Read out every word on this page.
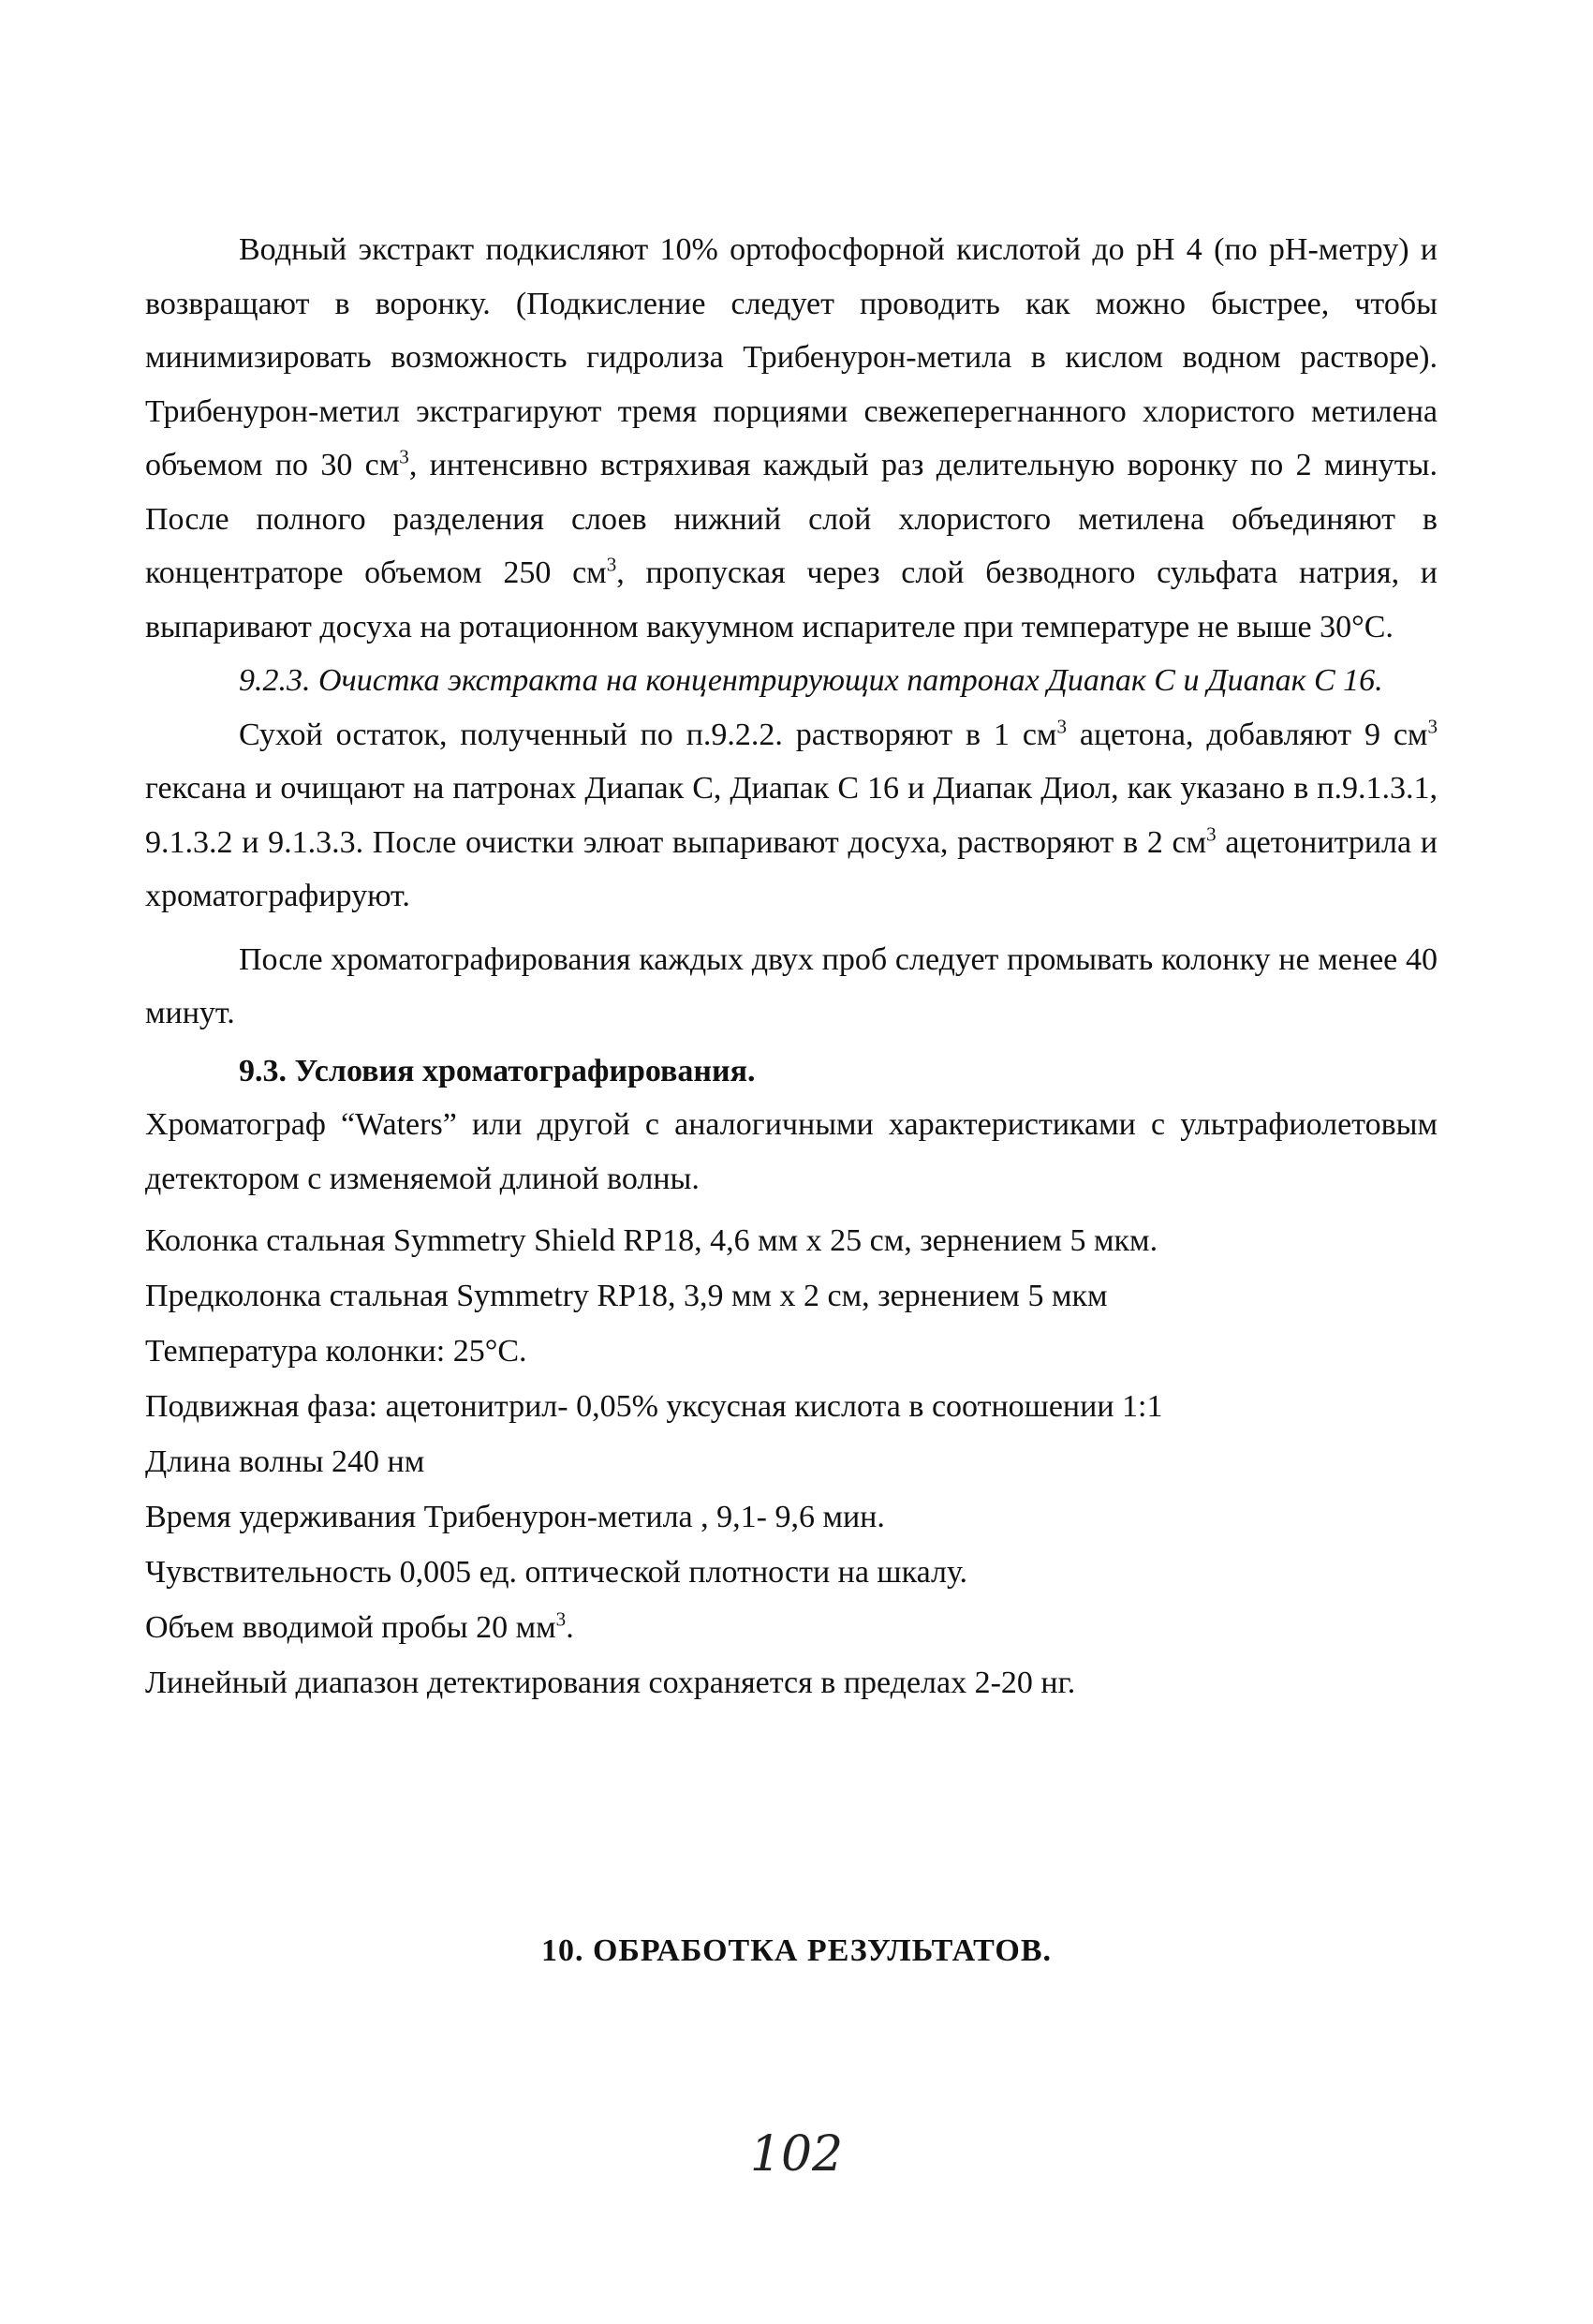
Водный экстракт подкисляют 10% ортофосфорной кислотой до pH 4 (по pH-метру) и возвращают в воронку. (Подкисление следует проводить как можно быстрее, чтобы минимизировать возможность гидролиза Трибенурон-метила в кислом водном растворе). Трибенурон-метил экстрагируют тремя порциями свежеперегнанного хлористого метилена объемом по 30 $см^3$, интенсивно встряхивая каждый раз делительную воронку по 2 минуты. После полного разделения слоев нижний слой хлористого метилена объединяют в концентраторе объемом 250 $см^3$, пропуская через слой безводного сульфата натрия, и выпаривают досуха на ротационном вакуумном испарителе при температуре не выше 30°С.

9.2.3. Очистка экстракта на концентрирующих патронах Диапак С и Диапак С 16.

Сухой остаток, полученный по п.9.2.2. растворяют в 1 $см^3$ ацетона, добавляют 9 $см^3$ гексана и очищают на патронах Диапак С, Диапак С 16 и Диапак Диол, как указано в п.9.1.3.1, 9.1.3.2 и 9.1.3.3. После очистки элюат выпаривают досуха, растворяют в 2 $см^3$ ацетонитрила и хроматографируют.

После хроматографирования каждых двух проб следует промывать колонку не менее 40 минут.

9.3. Условия хроматографирования.

Хроматограф “Waters” или другой с аналогичными характеристиками с ультрафиолетовым детектором с изменяемой длиной волны.

Колонка стальная Symmetry Shield RP18, 4,6 мм х 25 см, зернением 5 мкм.
Предколонка стальная Symmetry RP18, 3,9 мм х 2 см, зернением 5 мкм
Температура колонки: 25°С.
Подвижная фаза: ацетонитрил- 0,05% уксусная кислота в соотношении 1:1
Длина волны 240 нм
Время удерживания Трибенурон-метила , 9,1- 9,6 мин.
Чувствительность 0,005 ед. оптической плотности на шкалу.
Объем вводимой пробы 20 $мм^3$.
Линейный диапазон детектирования сохраняется в пределах 2-20 нг.

10. ОБРАБОТКА РЕЗУЛЬТАТОВ.

102
